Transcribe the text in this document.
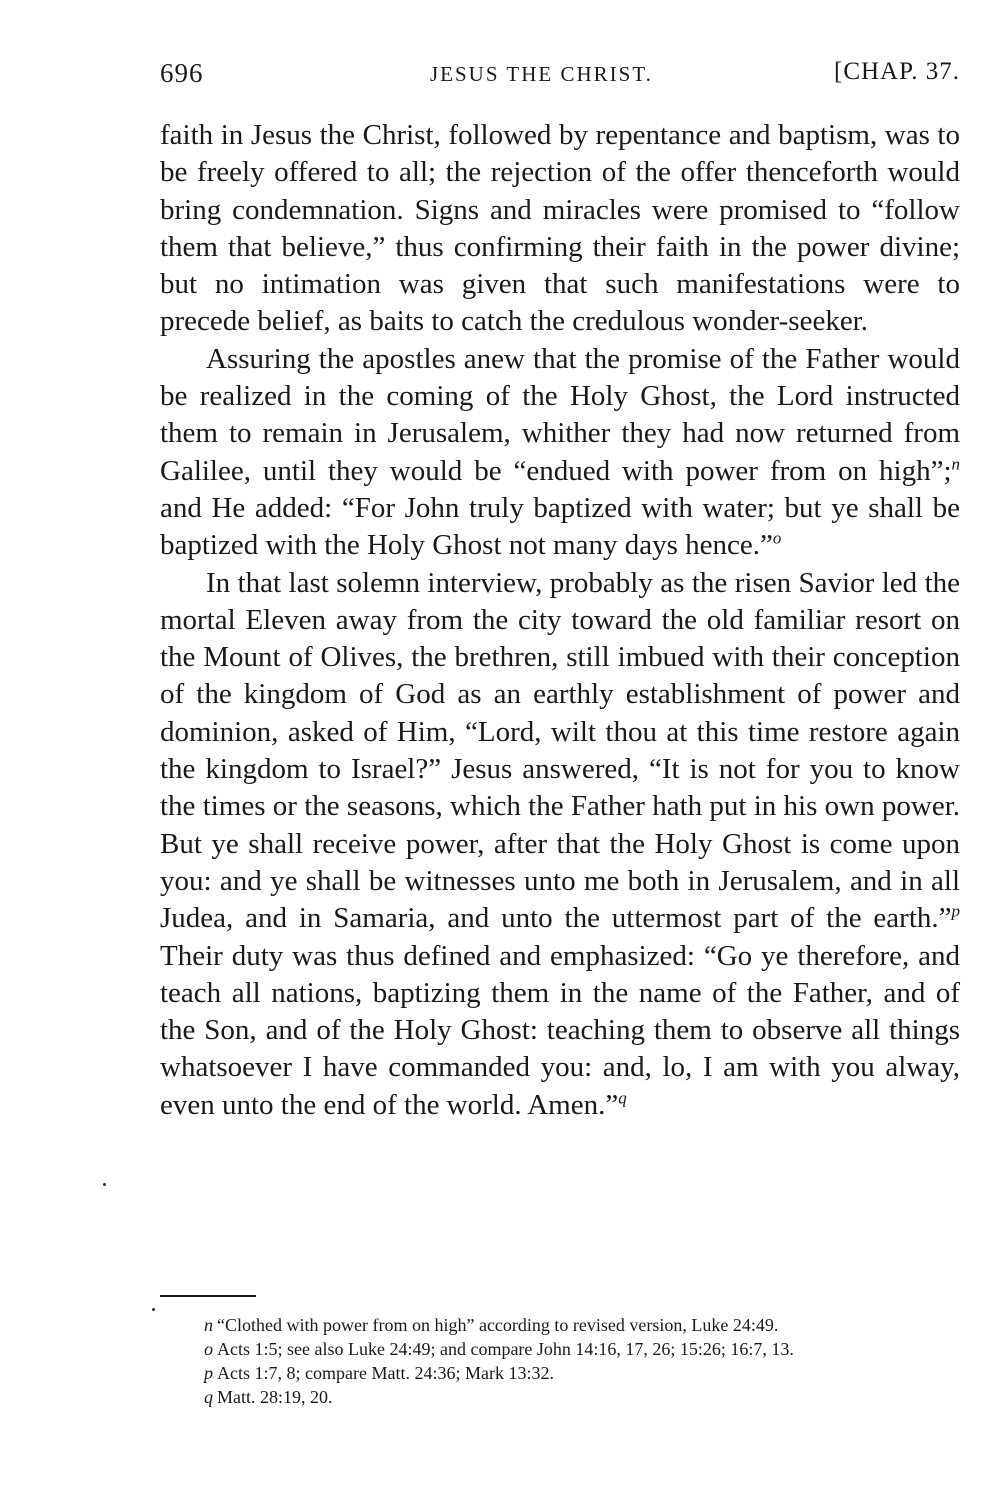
696	JESUS THE CHRIST.	[CHAP. 37.

faith in Jesus the Christ, followed by repentance and baptism, was to be freely offered to all; the rejection of the offer thenceforth would bring condemnation. Signs and miracles were promised to “follow them that believe,” thus confirming their faith in the power divine; but no intimation was given that such manifestations were to precede belief, as baits to catch the credulous wonder-seeker.

Assuring the apostles anew that the promise of the Father would be realized in the coming of the Holy Ghost, the Lord instructed them to remain in Jerusalem, whither they had now returned from Galilee, until they would be “endued with power from on high”;$^n$ and He added: “For John truly baptized with water; but ye shall be baptized with the Holy Ghost not many days hence.”$^o$

In that last solemn interview, probably as the risen Savior led the mortal Eleven away from the city toward the old familiar resort on the Mount of Olives, the brethren, still imbued with their conception of the kingdom of God as an earthly establishment of power and dominion, asked of Him, “Lord, wilt thou at this time restore again the kingdom to Israel?” Jesus answered, “It is not for you to know the times or the seasons, which the Father hath put in his own power. But ye shall receive power, after that the Holy Ghost is come upon you: and ye shall be witnesses unto me both in Jerusalem, and in all Judea, and in Samaria, and unto the uttermost part of the earth.”$^p$ Their duty was thus defined and emphasized: “Go ye therefore, and teach all nations, baptizing them in the name of the Father, and of the Son, and of the Holy Ghost: teaching them to observe all things whatsoever I have commanded you: and, lo, I am with you alway, even unto the end of the world. Amen.”$^q$

n “Clothed with power from on high” according to revised version, Luke 24:49.

o Acts 1:5; see also Luke 24:49; and compare John 14:16, 17, 26; 15:26; 16:7, 13.

p Acts 1:7, 8; compare Matt. 24:36; Mark 13:32.

q Matt. 28:19, 20.
